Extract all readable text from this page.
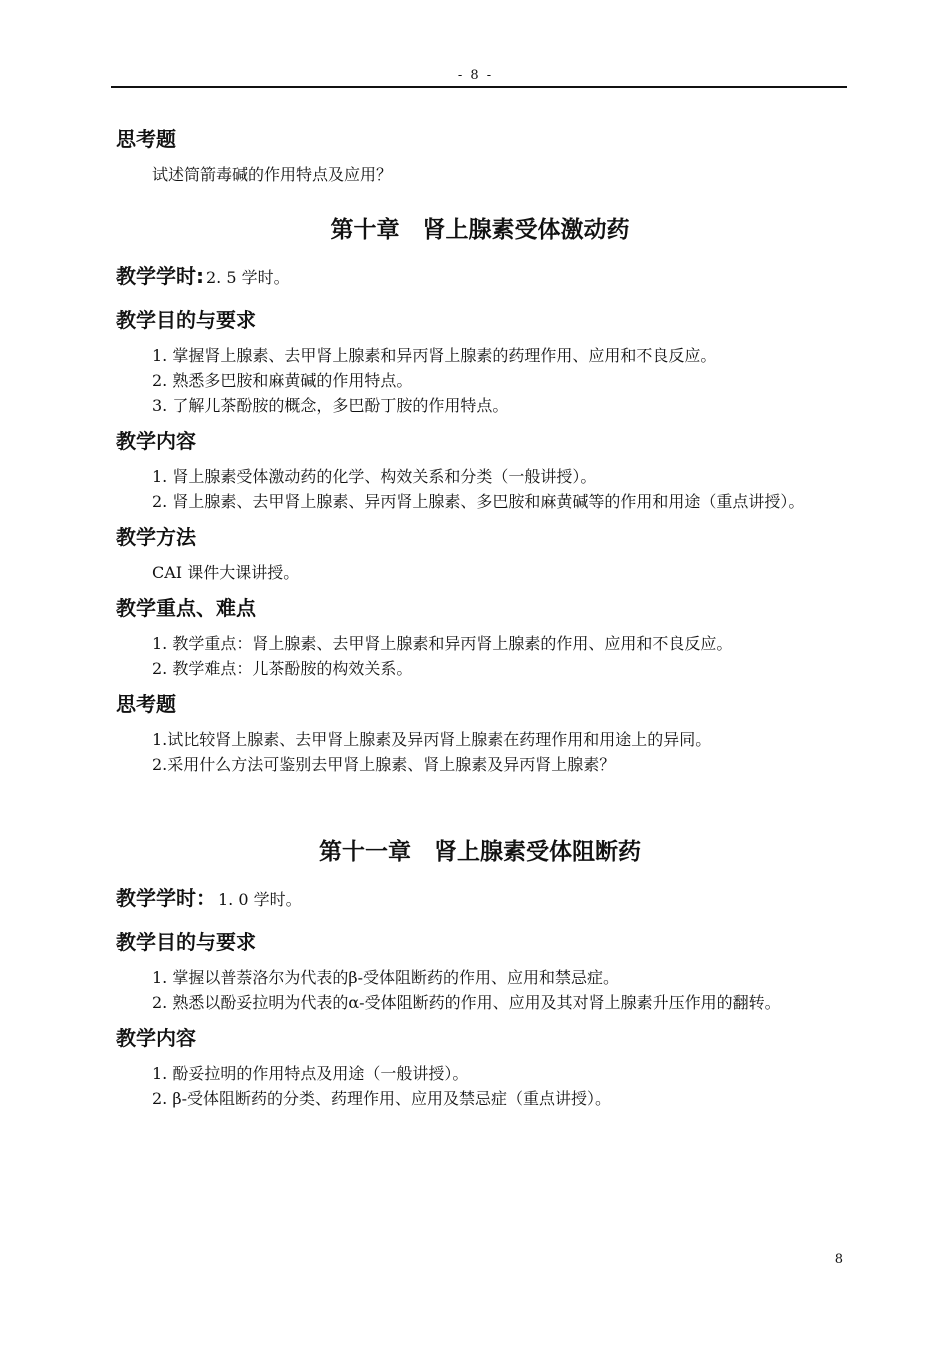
- 8 -
思考题
试述筒箭毒碱的作用特点及应用？
第十章　肾上腺素受体激动药
教学学时: 2. 5 学时。
教学目的与要求
1. 掌握肾上腺素、去甲肾上腺素和异丙肾上腺素的药理作用、应用和不良反应。
2. 熟悉多巴胺和麻黄碱的作用特点。
3. 了解儿茶酚胺的概念，多巴酚丁胺的作用特点。
教学内容
1. 肾上腺素受体激动药的化学、构效关系和分类（一般讲授）。
2. 肾上腺素、去甲肾上腺素、异丙肾上腺素、多巴胺和麻黄碱等的作用和用途（重点讲授）。
教学方法
CAI 课件大课讲授。
教学重点、难点
1. 教学重点：肾上腺素、去甲肾上腺素和异丙肾上腺素的作用、应用和不良反应。
2. 教学难点：儿茶酚胺的构效关系。
思考题
1.试比较肾上腺素、去甲肾上腺素及异丙肾上腺素在药理作用和用途上的异同。
2.采用什么方法可鉴别去甲肾上腺素、肾上腺素及异丙肾上腺素？
第十一章　肾上腺素受体阻断药
教学学时： 1. 0 学时。
教学目的与要求
1. 掌握以普萘洛尔为代表的β-受体阻断药的作用、应用和禁忌症。
2. 熟悉以酚妥拉明为代表的α-受体阻断药的作用、应用及其对肾上腺素升压作用的翻转。
教学内容
1. 酚妥拉明的作用特点及用途（一般讲授）。
2. β-受体阻断药的分类、药理作用、应用及禁忌症（重点讲授）。
8
